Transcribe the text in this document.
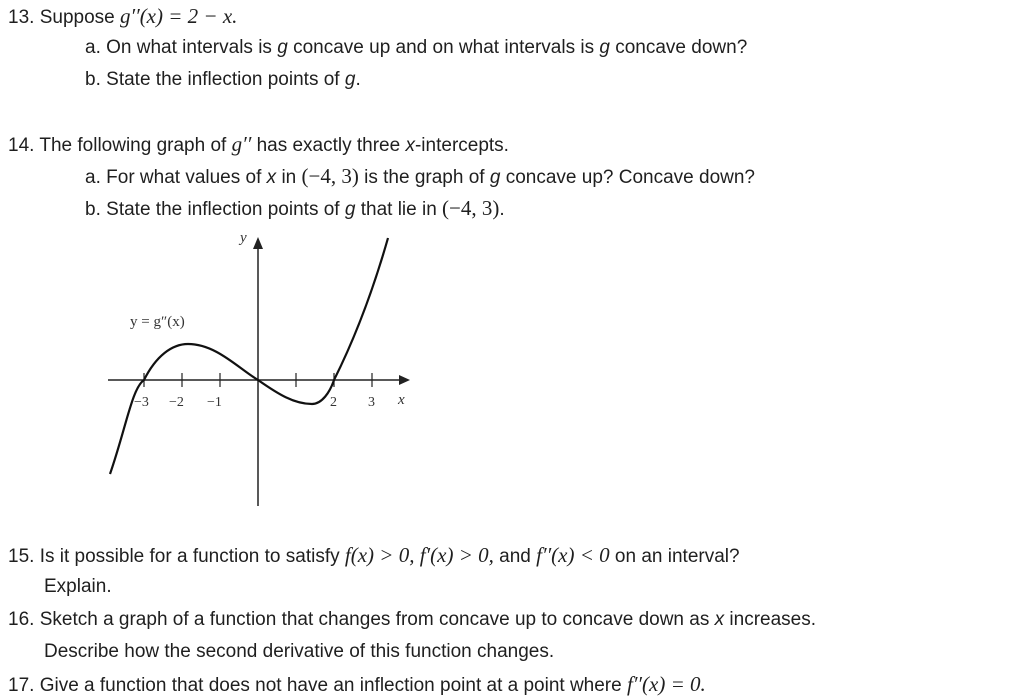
13. Suppose g′′(x) = 2 − x.
a. On what intervals is g concave up and on what intervals is g concave down?
b. State the inflection points of g.
14. The following graph of g′′ has exactly three x-intercepts.
a. For what values of x in (−4, 3) is the graph of g concave up? Concave down?
b. State the inflection points of g that lie in (−4, 3).
y
x
−3 −2 −1	2 3
y = g″(x)
15. Is it possible for a function to satisfy f(x) > 0, f′(x) > 0, and f′′(x) < 0 on an interval?
Explain.
16. Sketch a graph of a function that changes from concave up to concave down as x increases.
Describe how the second derivative of this function changes.
17. Give a function that does not have an inflection point at a point where f′′(x) = 0.
